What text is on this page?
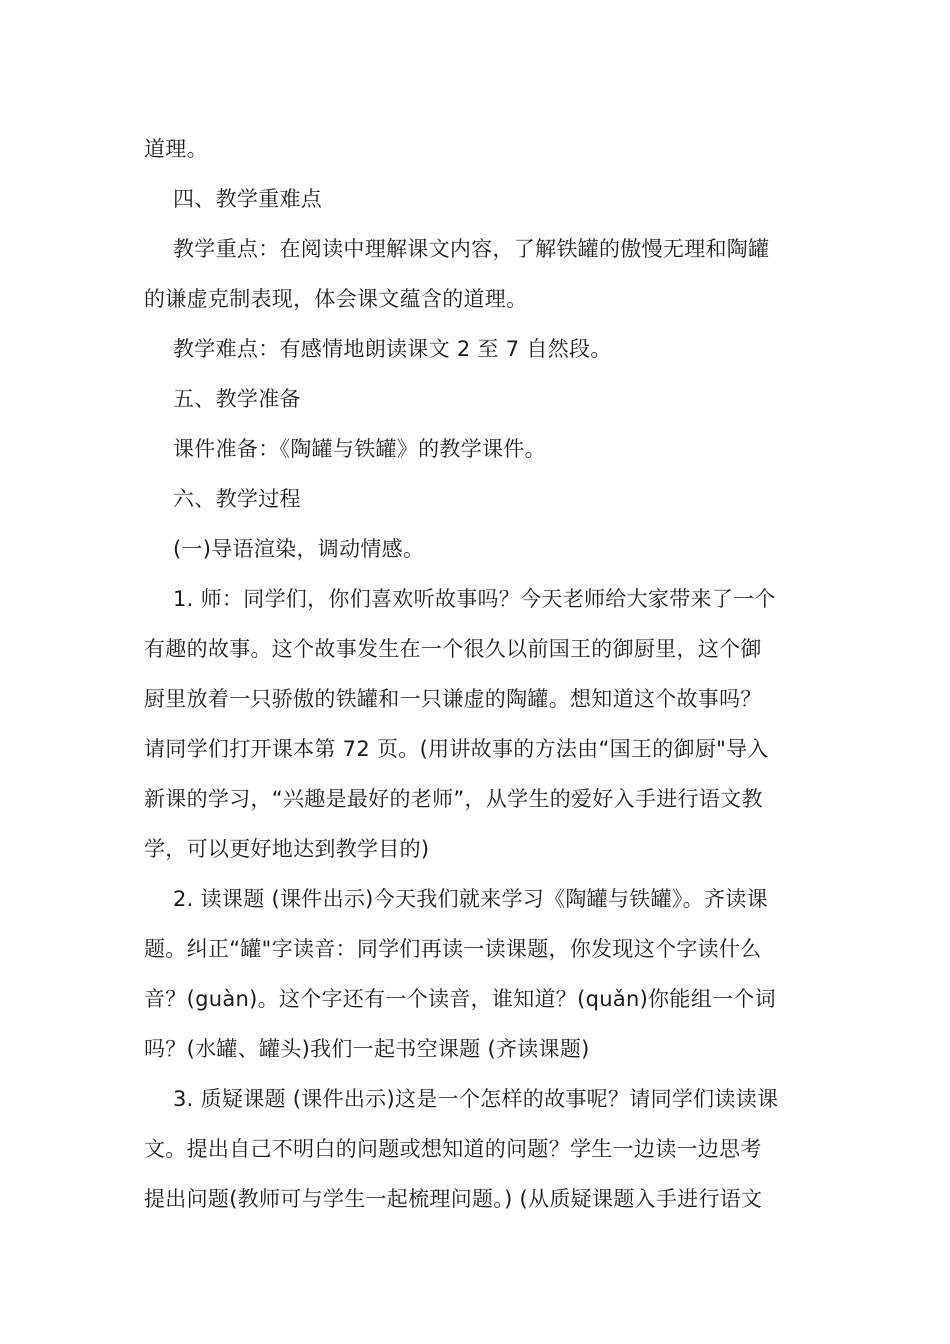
道理。
四、教学重难点
教学重点：在阅读中理解课文内容，了解铁罐的傲慢无理和陶罐
的谦虚克制表现，体会课文蕴含的道理。
教学难点：有感情地朗读课文 2 至 7 自然段。
五、教学准备
课件准备：《陶罐与铁罐》的教学课件。
六、教学过程
(一)导语渲染，调动情感。
1. 师：同学们，你们喜欢听故事吗？今天老师给大家带来了一个
有趣的故事。这个故事发生在一个很久以前国王的御厨里，这个御
厨里放着一只骄傲的铁罐和一只谦虚的陶罐。想知道这个故事吗？
请同学们打开课本第 72 页。(用讲故事的方法由“国王的御厨"导入
新课的学习，“兴趣是最好的老师”，从学生的爱好入手进行语文教
学，可以更好地达到教学目的)
2. 读课题 (课件出示)今天我们就来学习《陶罐与铁罐》。齐读课
题。纠正“罐"字读音：同学们再读一读课题，你发现这个字读什么
音？(guàn)。这个字还有一个读音，谁知道？(quǎn)你能组一个词
吗？(水罐、罐头)我们一起书空课题 (齐读课题)
3. 质疑课题 (课件出示)这是一个怎样的故事呢？请同学们读读课
文。提出自己不明白的问题或想知道的问题？学生一边读一边思考
提出问题(教师可与学生一起梳理问题。) (从质疑课题入手进行语文
